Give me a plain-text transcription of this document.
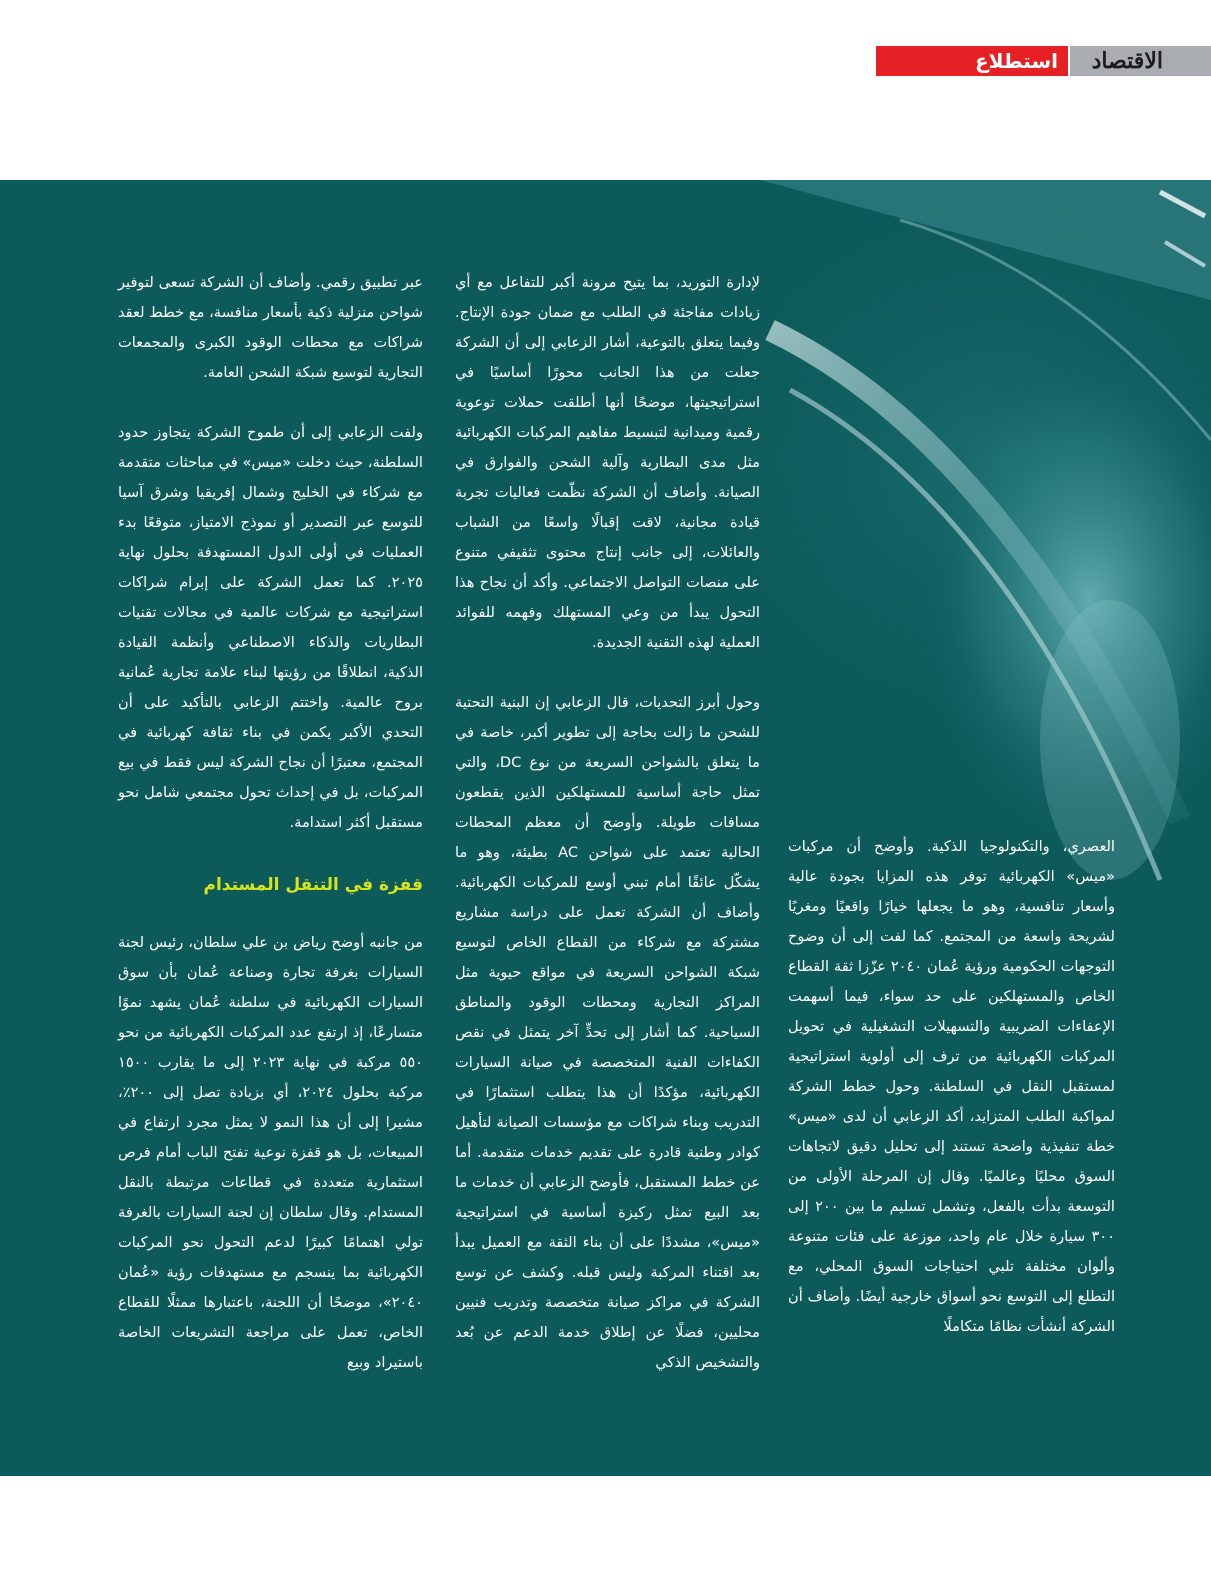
استطلاع الاقتصاد

العصري، والتكنولوجيا الذكية. وأوضح أن مركبات «ميس» الكهربائية توفر هذه المزايا بجودة عالية وأسعار تنافسية، وهو ما يجعلها خيارًا واقعيًا ومغريًا لشريحة واسعة من المجتمع. كما لفت إلى أن وضوح التوجهات الحكومية ورؤية عُمان ٢٠٤٠ عزّزا ثقة القطاع الخاص والمستهلكين على حد سواء، فيما أسهمت الإعفاءات الضريبية والتسهيلات التشغيلية في تحويل المركبات الكهربائية من ترف إلى أولوية استراتيجية لمستقبل النقل في السلطنة. وحول خطط الشركة لمواكبة الطلب المتزايد، أكد الزعابي أن لدى «ميس» خطة تنفيذية واضحة تستند إلى تحليل دقيق لاتجاهات السوق محليًا وعالميًا. وقال إن المرحلة الأولى من التوسعة بدأت بالفعل، وتشمل تسليم ما بين ٢٠٠ إلى ٣٠٠ سيارة خلال عام واحد، موزعة على فئات متنوعة وألوان مختلفة تلبي احتياجات السوق المحلي، مع التطلع إلى التوسع نحو أسواق خارجية أيضًا. وأضاف أن الشركة أنشأت نظامًا متكاملًا

لإدارة التوريد، بما يتيح مرونة أكبر للتفاعل مع أي زيادات مفاجئة في الطلب مع ضمان جودة الإنتاج. وفيما يتعلق بالتوعية، أشار الزعابي إلى أن الشركة جعلت من هذا الجانب محورًا أساسيًا في استراتيجيتها، موضحًا أنها أطلقت حملات توعوية رقمية وميدانية لتبسيط مفاهيم المركبات الكهربائية مثل مدى البطارية وآلية الشحن والفوارق في الصيانة. وأضاف أن الشركة نظّمت فعاليات تجربة قيادة مجانية، لاقت إقبالًا واسعًا من الشباب والعائلات، إلى جانب إنتاج محتوى تثقيفي متنوع على منصات التواصل الاجتماعي. وأكد أن نجاح هذا التحول يبدأ من وعي المستهلك وفهمه للفوائد العملية لهذه التقنية الجديدة.

وحول أبرز التحديات، قال الزعابي إن البنية التحتية للشحن ما زالت بحاجة إلى تطوير أكبر، خاصة في ما يتعلق بالشواحن السريعة من نوع DC، والتي تمثل حاجة أساسية للمستهلكين الذين يقطعون مسافات طويلة. وأوضح أن معظم المحطات الحالية تعتمد على شواحن AC بطيئة، وهو ما يشكّل عائقًا أمام تبني أوسع للمركبات الكهربائية. وأضاف أن الشركة تعمل على دراسة مشاريع مشتركة مع شركاء من القطاع الخاص لتوسيع شبكة الشواحن السريعة في مواقع حيوية مثل المراكز التجارية ومحطات الوقود والمناطق السياحية. كما أشار إلى تحدٍّ آخر يتمثل في نقص الكفاءات الفنية المتخصصة في صيانة السيارات الكهربائية، مؤكدًا أن هذا يتطلب استثمارًا في التدريب وبناء شراكات مع مؤسسات الصيانة لتأهيل كوادر وطنية قادرة على تقديم خدمات متقدمة. أما عن خطط المستقبل، فأوضح الزعابي أن خدمات ما بعد البيع تمثل ركيزة أساسية في استراتيجية «ميس»، مشددًا على أن بناء الثقة مع العميل يبدأ بعد اقتناء المركبة وليس قبله. وكشف عن توسع الشركة في مراكز صيانة متخصصة وتدريب فنيين محليين، فضلًا عن إطلاق خدمة الدعم عن بُعد والتشخيص الذكي

عبر تطبيق رقمي. وأضاف أن الشركة تسعى لتوفير شواحن منزلية ذكية بأسعار منافسة، مع خطط لعقد شراكات مع محطات الوقود الكبرى والمجمعات التجارية لتوسيع شبكة الشحن العامة.

ولفت الزعابي إلى أن طموح الشركة يتجاوز حدود السلطنة، حيث دخلت «ميس» في مباحثات متقدمة مع شركاء في الخليج وشمال إفريقيا وشرق آسيا للتوسع عبر التصدير أو نموذج الامتياز، متوقعًا بدء العمليات في أولى الدول المستهدفة بحلول نهاية ٢٠٢٥. كما تعمل الشركة على إبرام شراكات استراتيجية مع شركات عالمية في مجالات تقنيات البطاريات والذكاء الاصطناعي وأنظمة القيادة الذكية، انطلاقًا من رؤيتها لبناء علامة تجارية عُمانية بروح عالمية. واختتم الزعابي بالتأكيد على أن التحدي الأكبر يكمن في بناء ثقافة كهربائية في المجتمع، معتبرًا أن نجاح الشركة ليس فقط في بيع المركبات، بل في إحداث تحول مجتمعي شامل نحو مستقبل أكثر استدامة.

قفزة في التنقل المستدام

من جانبه أوضح رياض بن علي سلطان، رئيس لجنة السيارات بغرفة تجارة وصناعة عُمان بأن سوق السيارات الكهربائية في سلطنة عُمان يشهد نموًا متسارعًا، إذ ارتفع عدد المركبات الكهربائية من نحو ٥٥٠ مركبة في نهاية ٢٠٢٣ إلى ما يقارب ١٥٠٠ مركبة بحلول ٢٠٢٤، أي بزيادة تصل إلى ٢٠٠٪، مشيرا إلى أن هذا النمو لا يمثل مجرد ارتفاع في المبيعات، بل هو قفزة نوعية تفتح الباب أمام فرص استثمارية متعددة في قطاعات مرتبطة بالنقل المستدام. وقال سلطان إن لجنة السيارات بالغرفة تولي اهتمامًا كبيرًا لدعم التحول نحو المركبات الكهربائية بما ينسجم مع مستهدفات رؤية «عُمان ٢٠٤٠»، موضحًا أن اللجنة، باعتبارها ممثلًا للقطاع الخاص، تعمل على مراجعة التشريعات الخاصة باستيراد وبيع
